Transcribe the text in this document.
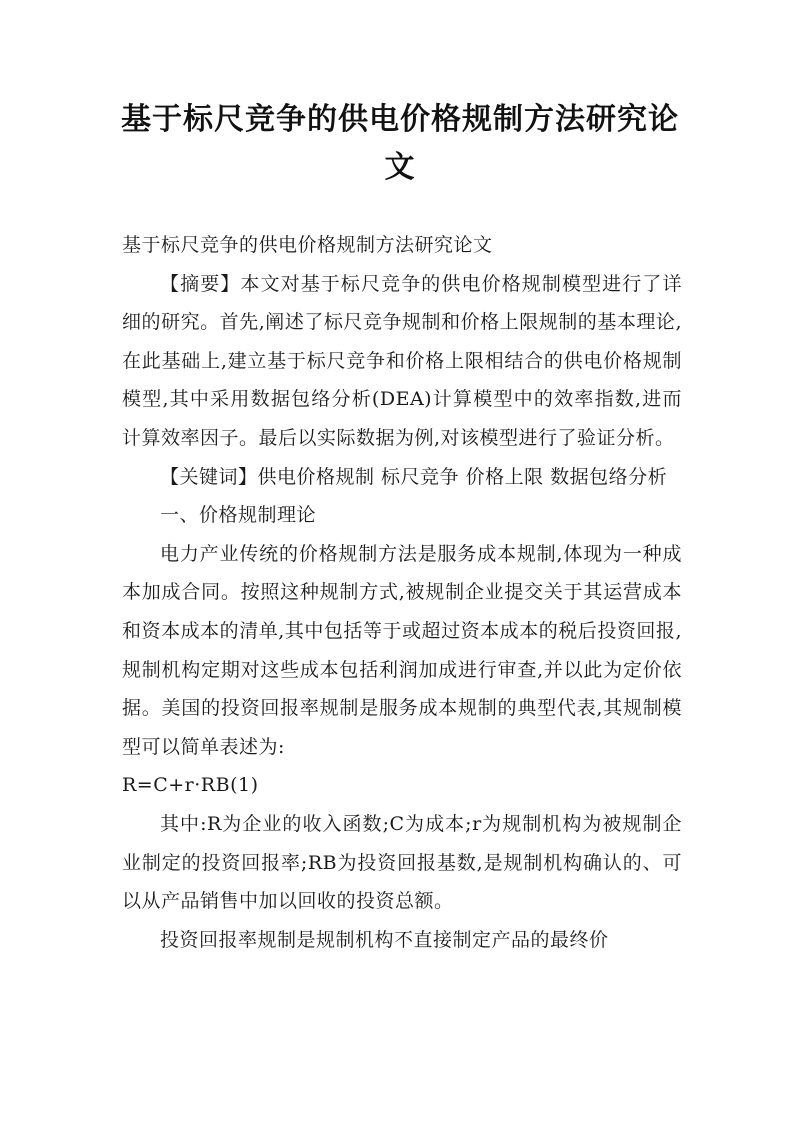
基于标尺竞争的供电价格规制方法研究论文

基于标尺竞争的供电价格规制方法研究论文

【摘要】本文对基于标尺竞争的供电价格规制模型进行了详细的研究。首先,阐述了标尺竞争规制和价格上限规制的基本理论,在此基础上,建立基于标尺竞争和价格上限相结合的供电价格规制模型,其中采用数据包络分析(DEA)计算模型中的效率指数,进而计算效率因子。最后以实际数据为例,对该模型进行了验证分析。

【关键词】供电价格规制 标尺竞争 价格上限 数据包络分析

一、价格规制理论

电力产业传统的价格规制方法是服务成本规制,体现为一种成本加成合同。按照这种规制方式,被规制企业提交关于其运营成本和资本成本的清单,其中包括等于或超过资本成本的税后投资回报,规制机构定期对这些成本包括利润加成进行审查,并以此为定价依据。美国的投资回报率规制是服务成本规制的典型代表,其规制模型可以简单表述为:

R=C+r·RB(1)

其中:R为企业的收入函数;C为成本;r为规制机构为被规制企业制定的投资回报率;RB为投资回报基数,是规制机构确认的、可以从产品销售中加以回收的投资总额。

投资回报率规制是规制机构不直接制定产品的最终价
